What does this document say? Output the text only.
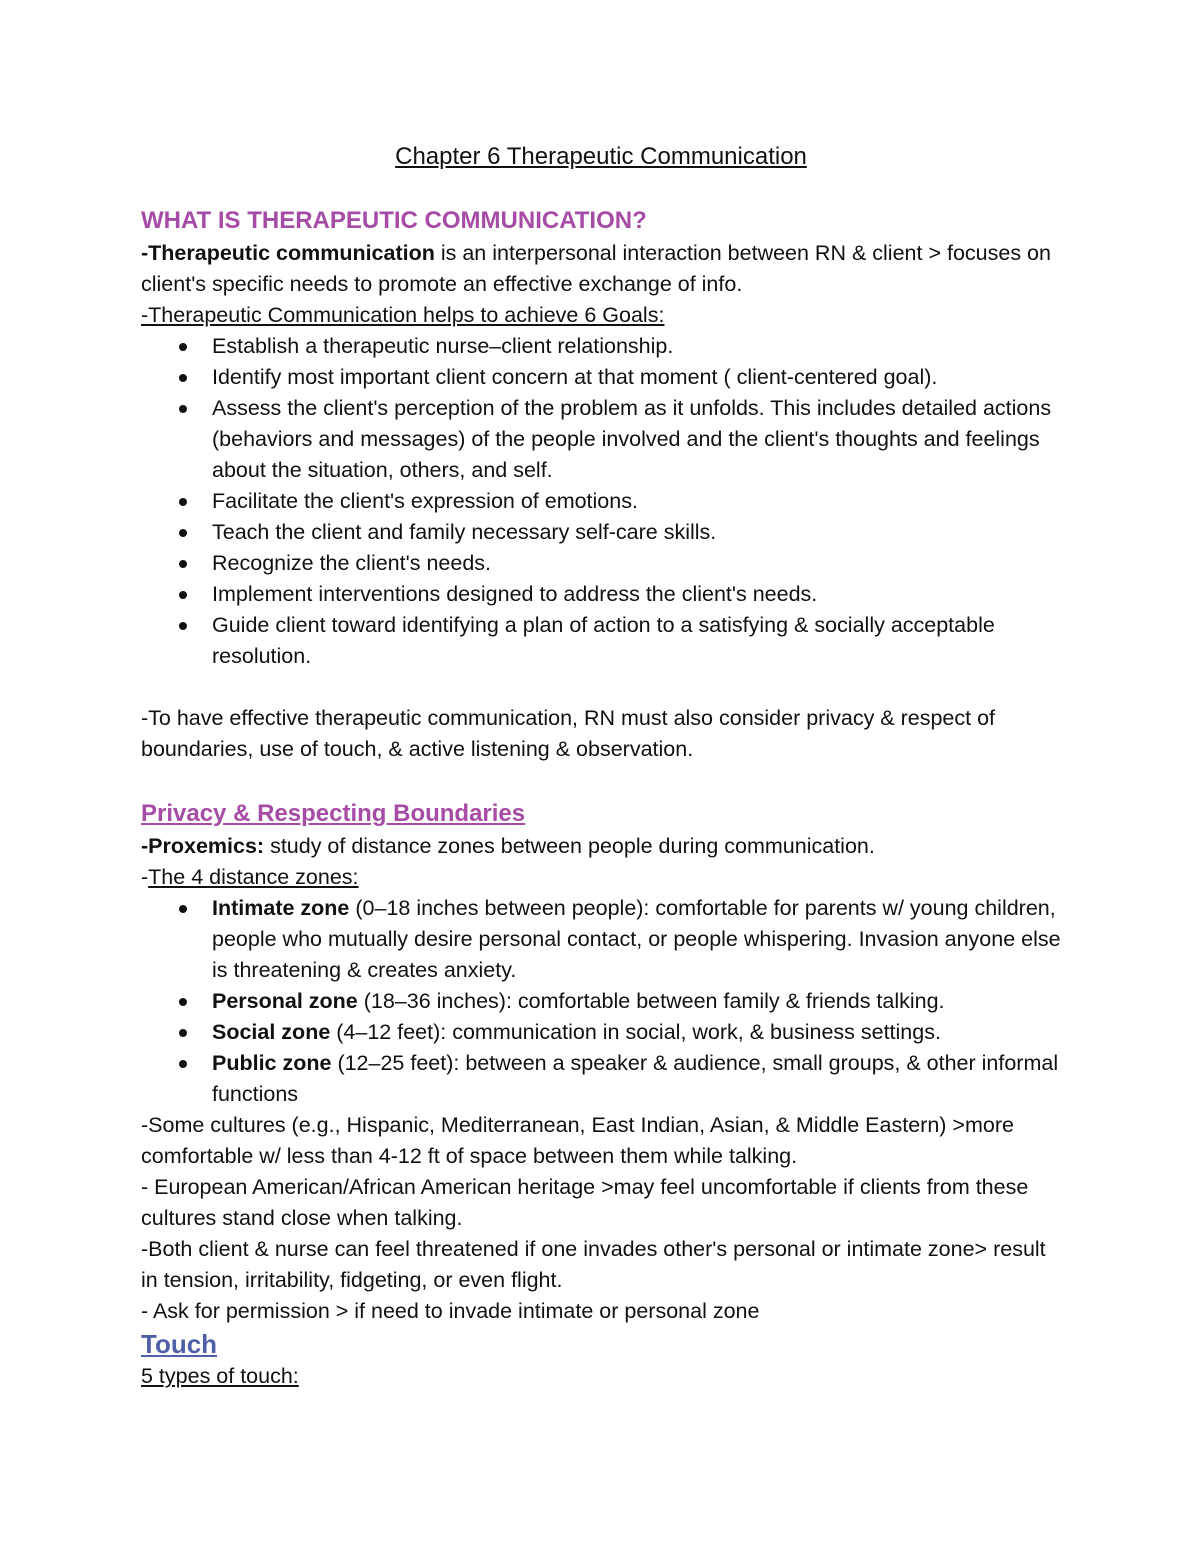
Chapter 6 Therapeutic Communication
WHAT IS THERAPEUTIC COMMUNICATION?

-Therapeutic communication is an interpersonal interaction between RN & client > focuses on client's specific needs to promote an effective exchange of info.

-Therapeutic Communication helps to achieve 6 Goals:

Establish a therapeutic nurse–client relationship.
Identify most important client concern at that moment ( client-centered goal).
Assess the client's perception of the problem as it unfolds. This includes detailed actions (behaviors and messages) of the people involved and the client's thoughts and feelings about the situation, others, and self.
Facilitate the client's expression of emotions.
Teach the client and family necessary self-care skills.
Recognize the client's needs.
Implement interventions designed to address the client's needs.
Guide client toward identifying a plan of action to a satisfying & socially acceptable resolution.

-To have effective therapeutic communication, RN must also consider privacy & respect of boundaries, use of touch, & active listening & observation.

Privacy & Respecting Boundaries

-Proxemics: study of distance zones between people during communication.

-The 4 distance zones:

Intimate zone (0–18 inches between people): comfortable for parents w/ young children, people who mutually desire personal contact, or people whispering. Invasion anyone else is threatening & creates anxiety.
Personal zone (18–36 inches): comfortable between family & friends talking.
Social zone (4–12 feet): communication in social, work, & business settings.
Public zone (12–25 feet): between a speaker & audience, small groups, & other informal functions

-Some cultures (e.g., Hispanic, Mediterranean, East Indian, Asian, & Middle Eastern) >more comfortable w/ less than 4-12 ft of space between them while talking.

- European American/African American heritage >may feel uncomfortable if clients from these cultures stand close when talking.

-Both client & nurse can feel threatened if one invades other's personal or intimate zone> result in tension, irritability, fidgeting, or even flight.

- Ask for permission > if need to invade intimate or personal zone

Touch

5 types of touch:
